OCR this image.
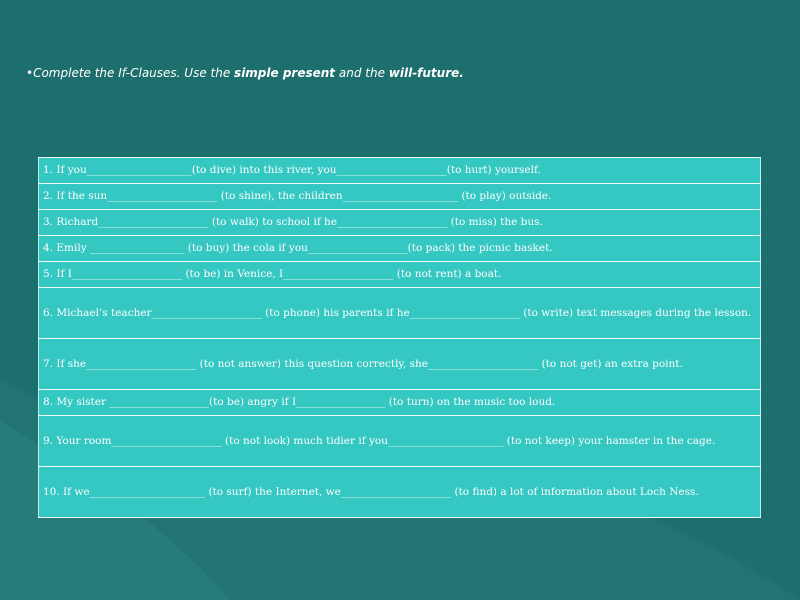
•Complete the If-Clauses. Use the simple present and the will-future.
1. If you____________________(to dive) into this river, you_____________________(to hurt) yourself.
2. If the sun_____________________ (to shine), the children______________________ (to play) outside.
3. Richard_____________________ (to walk) to school if he_____________________ (to miss) the bus.
4. Emily __________________ (to buy) the cola if you___________________(to pack) the picnic basket.
5. If I_____________________ (to be) in Venice, I_____________________ (to not rent) a boat.
6. Michael’s teacher_____________________ (to phone) his parents if he_____________________ (to write) text messages during the lesson.
7. If she_____________________ (to not answer) this question correctly, she_____________________ (to not get) an extra point.
8. My sister ___________________(to be) angry if I_________________ (to turn) on the music too loud.
9. Your room_____________________ (to not look) much tidier if you______________________ (to not keep) your hamster in the cage.
10. If we______________________ (to surf) the Internet, we_____________________ (to find) a lot of information about Loch Ness.
